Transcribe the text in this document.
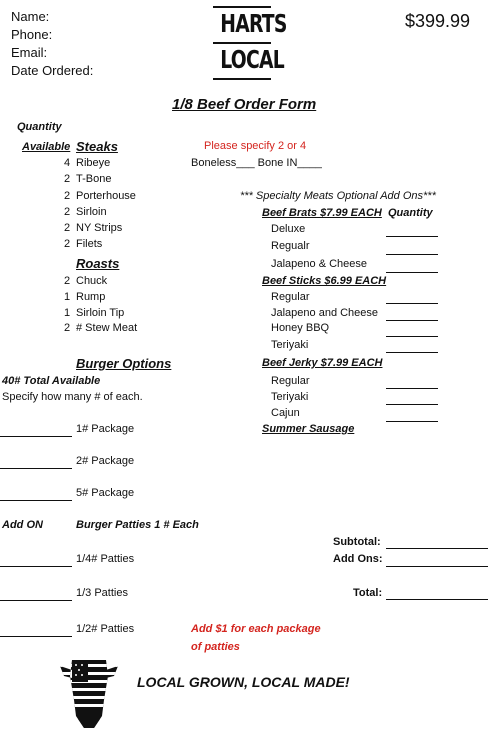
Name:
Phone:
Email:
Date Ordered:
HARTS
LOCAL
$399.99
1/8 Beef Order Form
Quantity
Available Steaks	Please specify 2 or 4
Boneless___ Bone IN____
4 Ribeye
2 T-Bone
2 Porterhouse
2 Sirloin
2 NY Strips
2 Filets
Roasts
2 Chuck
1 Rump
1 Sirloin Tip
2 # Stew Meat
Burger Options
40# Total Available
Specify how many # of each.
1# Package
2# Package
5# Package
Add ON	Burger Patties 1 # Each
1/4# Patties
1/3 Patties
1/2# Patties	Add $1 for each package
of patties
*** Specialty Meats Optional Add Ons***
Beef Brats $7.99 EACH Quantity
Deluxe
Regualr
Jalapeno & Cheese
Beef Sticks $6.99 EACH
Regular
Jalapeno and Cheese
Honey BBQ
Teriyaki
Beef Jerky $7.99 EACH
Regular
Teriyaki
Cajun
Summer Sausage
Subtotal:
Add Ons:
Total:
LOCAL GROWN, LOCAL MADE!
